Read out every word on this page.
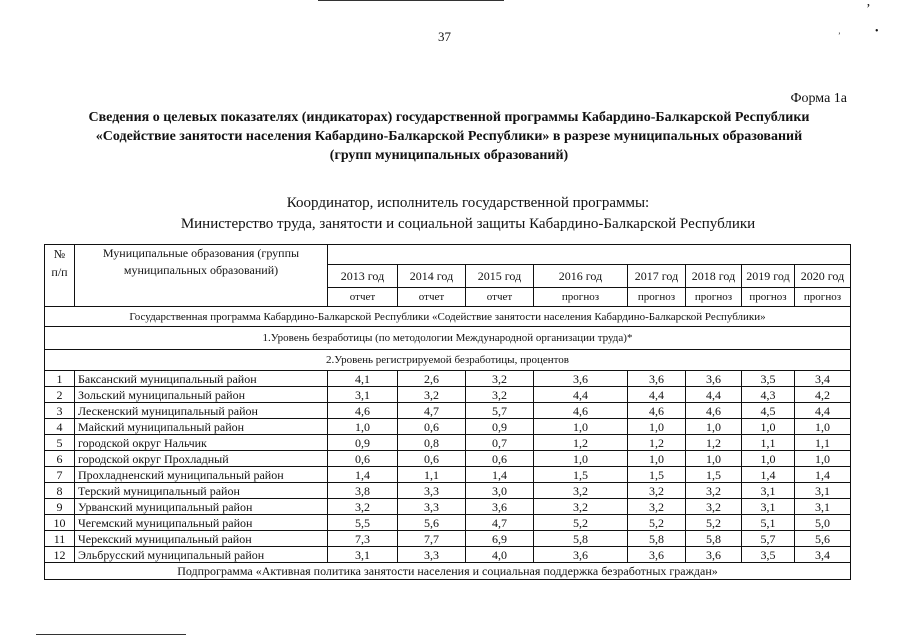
37
’
•
’
Форма 1а
Сведения о целевых показателях (индикаторах) государственной программы Кабардино-Балкарской Республики
«Содействие занятости населения Кабардино-Балкарской Республики» в разрезе муниципальных образований
(групп муниципальных образований)
Координатор, исполнитель государственной программы:
Министерство труда, занятости и социальной защиты Кабардино-Балкарской Республики
№ п/п	Муниципальные образования (группы муниципальных образований)								
		2013 год	2014 год	2015 год	2016 год	2017 год	2018 год	2019 год	2020 год
		отчет	отчет	отчет	прогноз	прогноз	прогноз	прогноз	прогноз
Государственная программа Кабардино-Балкарской Республики «Содействие занятости населения Кабардино-Балкарской Республики»									
1.Уровень безработицы (по методологии Международной организации труда)*									
2.Уровень регистрируемой безработицы, процентов									
1	Баксанский муниципальный район	4,1	2,6	3,2	3,6	3,6	3,6	3,5	3,4
2	Зольский муниципальный район	3,1	3,2	3,2	4,4	4,4	4,4	4,3	4,2
3	Лескенский муниципальный район	4,6	4,7	5,7	4,6	4,6	4,6	4,5	4,4
4	Майский муниципальный район	1,0	0,6	0,9	1,0	1,0	1,0	1,0	1,0
5	городской округ Нальчик	0,9	0,8	0,7	1,2	1,2	1,2	1,1	1,1
6	городской округ Прохладный	0,6	0,6	0,6	1,0	1,0	1,0	1,0	1,0
7	Прохладненский муниципальный район	1,4	1,1	1,4	1,5	1,5	1,5	1,4	1,4
8	Терский муниципальный район	3,8	3,3	3,0	3,2	3,2	3,2	3,1	3,1
9	Урванский муниципальный район	3,2	3,3	3,6	3,2	3,2	3,2	3,1	3,1
10	Чегемский муниципальный район	5,5	5,6	4,7	5,2	5,2	5,2	5,1	5,0
11	Черекский муниципальный район	7,3	7,7	6,9	5,8	5,8	5,8	5,7	5,6
12	Эльбрусский муниципальный район	3,1	3,3	4,0	3,6	3,6	3,6	3,5	3,4
Подпрограмма «Активная политика занятости населения и социальная поддержка безработных граждан»									
